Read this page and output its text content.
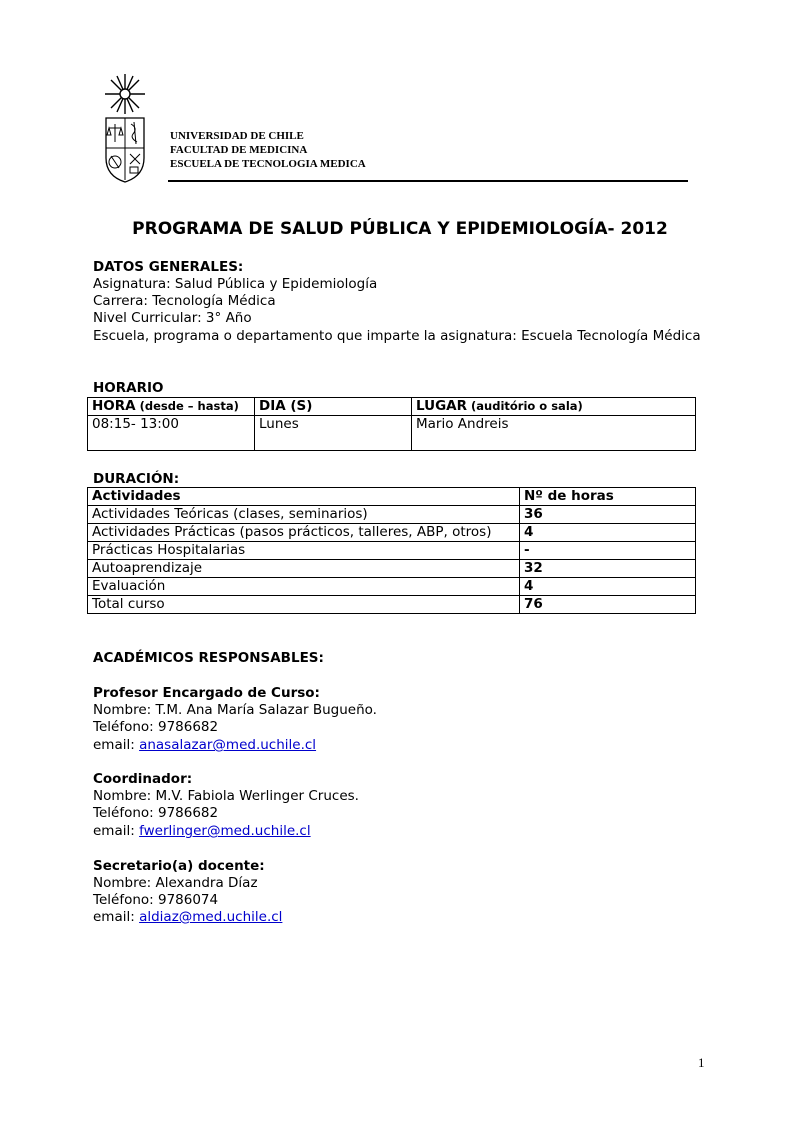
UNIVERSIDAD DE CHILE
FACULTAD DE MEDICINA
ESCUELA DE TECNOLOGIA MEDICA
PROGRAMA DE SALUD PÚBLICA Y EPIDEMIOLOGÍA- 2012
DATOS GENERALES:
Asignatura: Salud Pública y Epidemiología
Carrera: Tecnología Médica
Nivel Curricular: 3° Año
Escuela, programa o departamento que imparte la asignatura: Escuela Tecnología Médica
HORARIO
HORA (desde – hasta)	DIA (S)	LUGAR (auditório o sala)
08:15- 13:00	Lunes	Mario Andreis
DURACIÓN:
Actividades	Nº de horas
Actividades Teóricas (clases, seminarios)	36
Actividades Prácticas (pasos prácticos, talleres, ABP, otros)	4
Prácticas Hospitalarias	-
Autoaprendizaje	32
Evaluación	4
Total curso	76
ACADÉMICOS RESPONSABLES:
Profesor Encargado de Curso:
Nombre: T.M. Ana María Salazar Bugueño.
Teléfono: 9786682
email: anasalazar@med.uchile.cl
Coordinador:
Nombre: M.V. Fabiola Werlinger Cruces.
Teléfono: 9786682
email: fwerlinger@med.uchile.cl
Secretario(a) docente:
Nombre: Alexandra Díaz
Teléfono: 9786074
email: aldiaz@med.uchile.cl
1
